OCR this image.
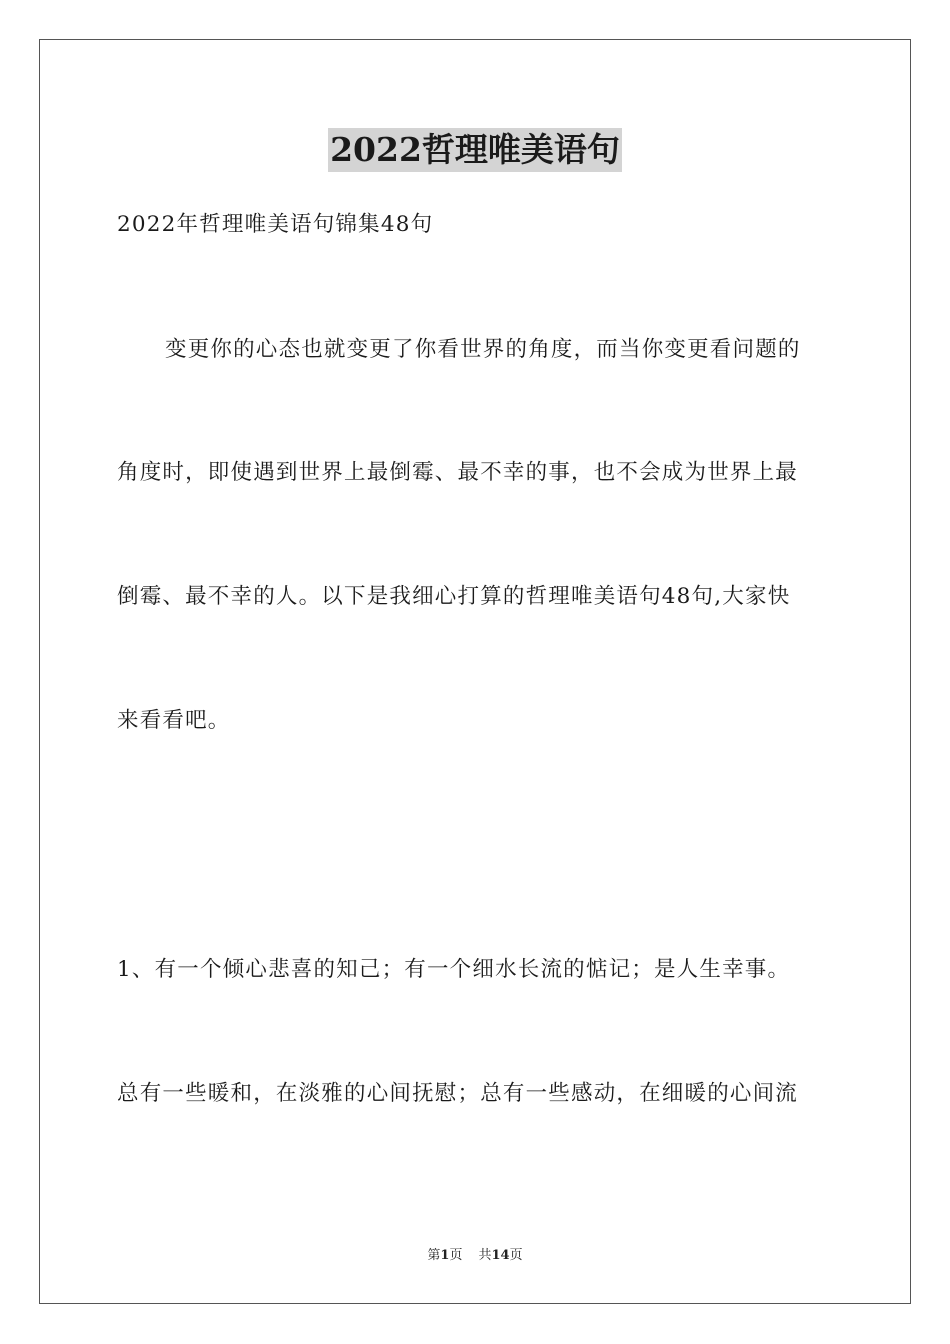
2022哲理唯美语句
2022年哲理唯美语句锦集48句
变更你的心态也就变更了你看世界的角度，而当你变更看问题的
角度时，即使遇到世界上最倒霉、最不幸的事，也不会成为世界上最
倒霉、最不幸的人。以下是我细心打算的哲理唯美语句48句,大家快
来看看吧。
1、有一个倾心悲喜的知己；有一个细水长流的惦记；是人生幸事。
总有一些暖和，在淡雅的心间抚慰；总有一些感动，在细暖的心间流
第1页 共14页
